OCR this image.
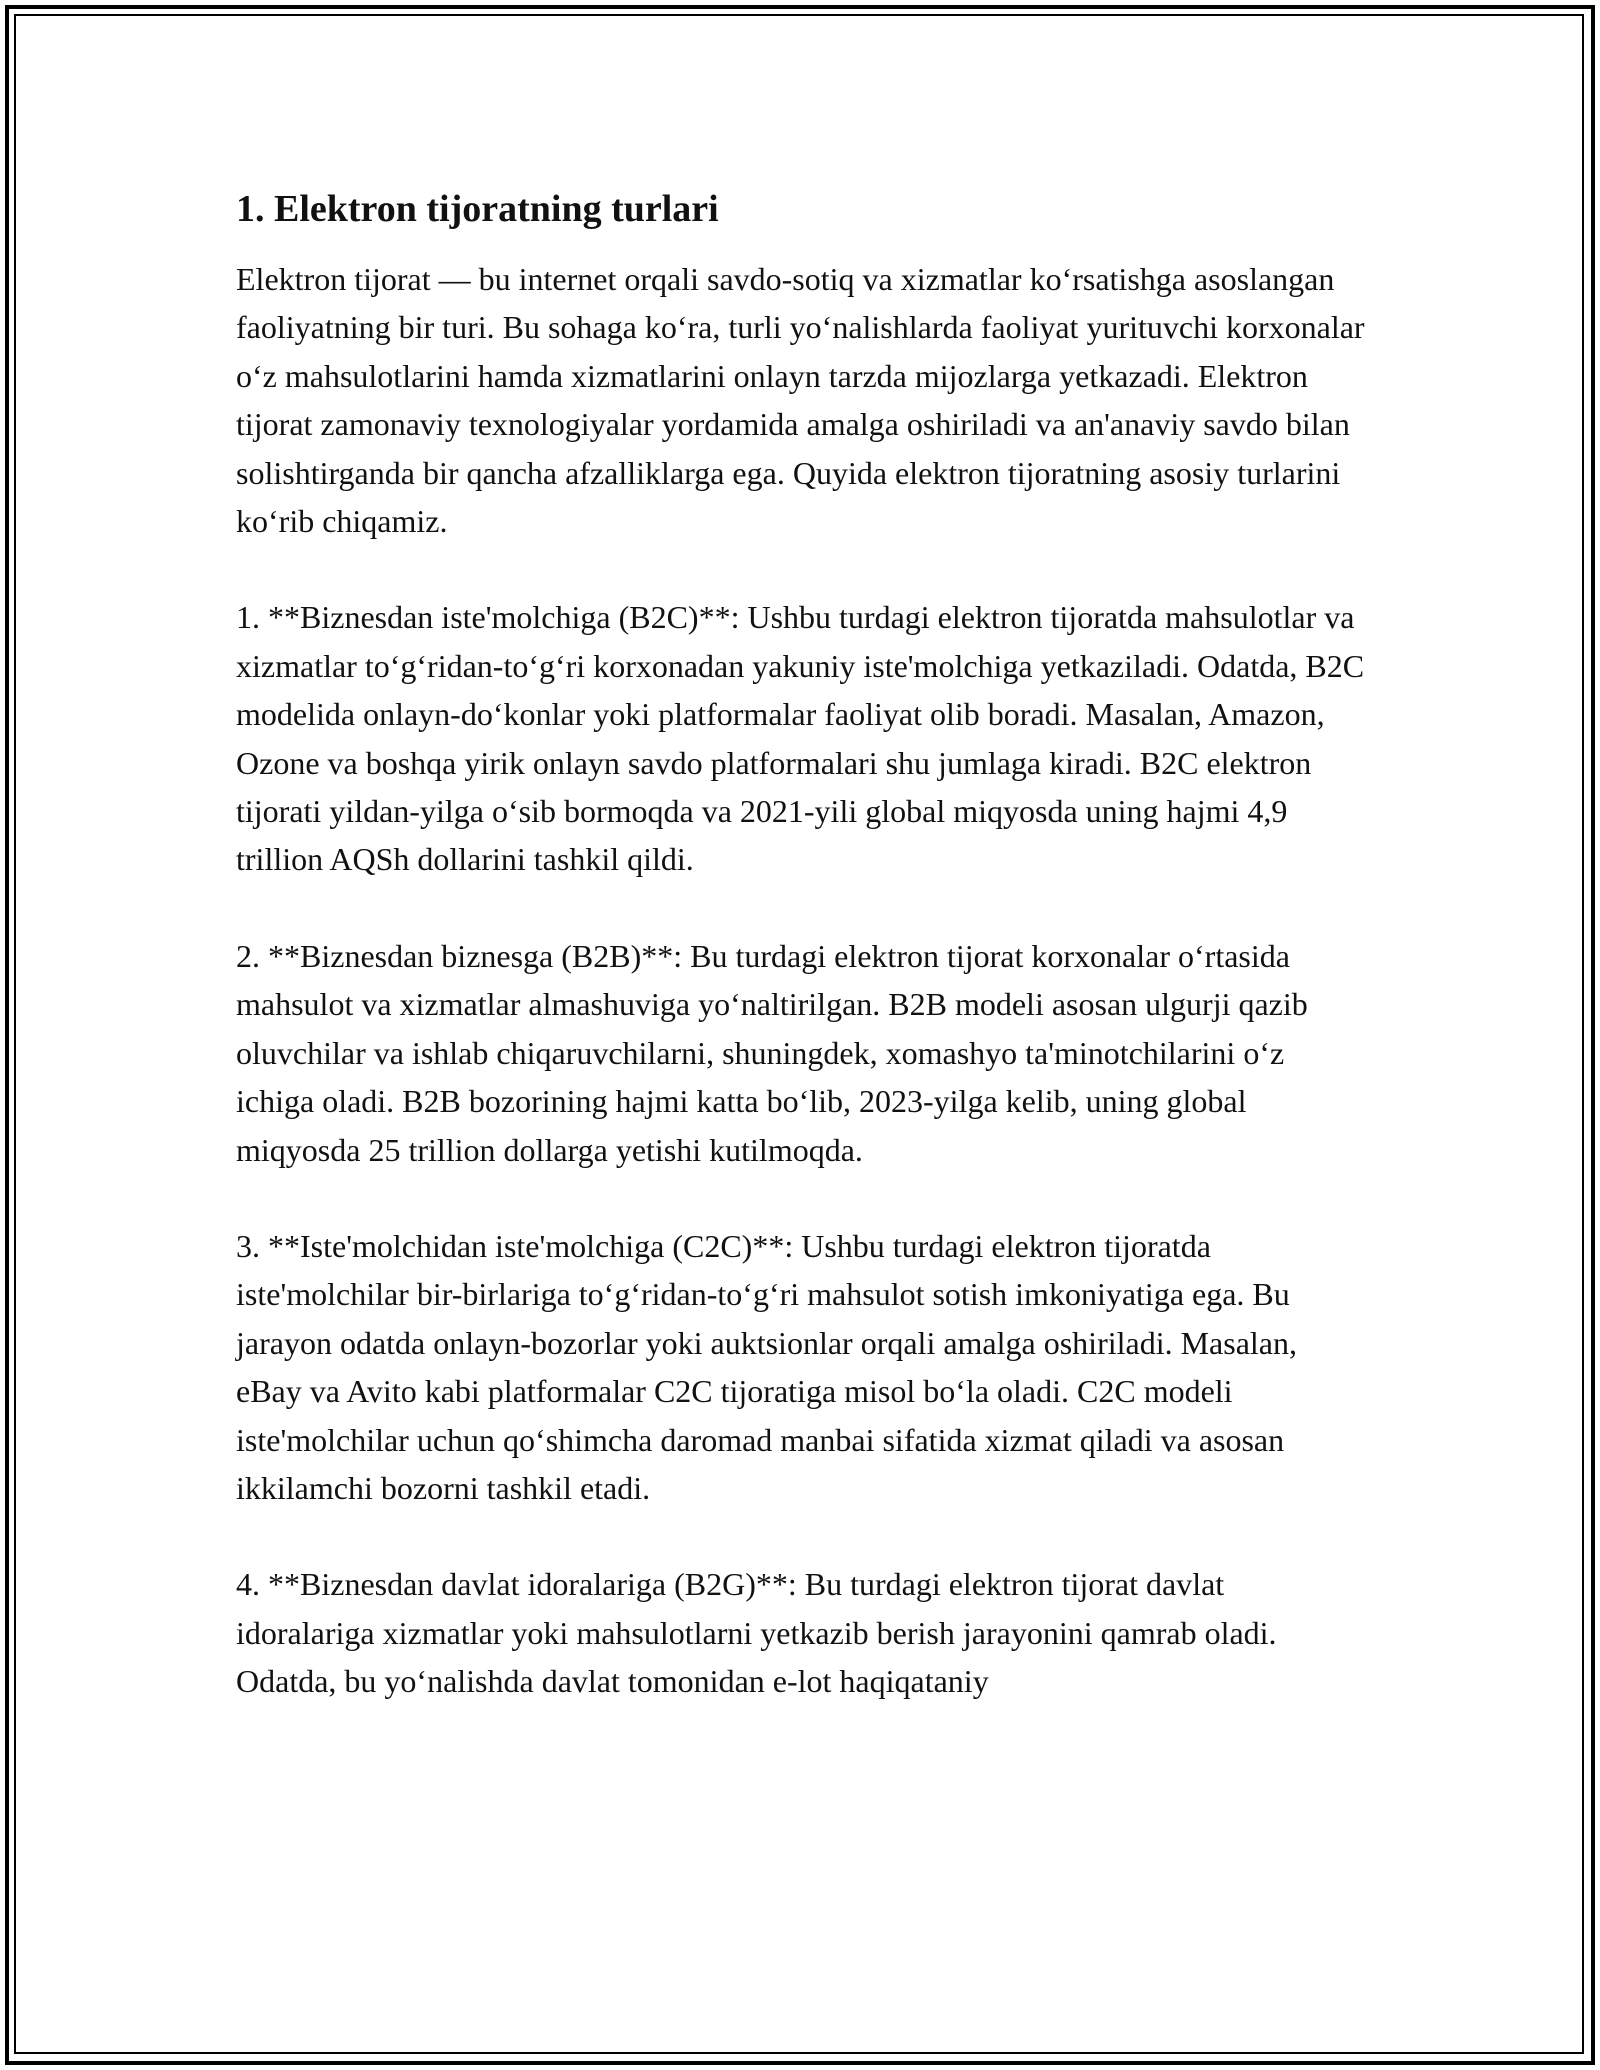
1. Elektron tijoratning turlari

Elektron tijorat — bu internet orqali savdo-sotiq va xizmatlar koʻrsatishga asoslangan faoliyatning bir turi. Bu sohaga koʻra, turli yoʻnalishlarda faoliyat yurituvchi korxonalar oʻz mahsulotlarini hamda xizmatlarini onlayn tarzda mijozlarga yetkazadi. Elektron tijorat zamonaviy texnologiyalar yordamida amalga oshiriladi va an'anaviy savdo bilan solishtirganda bir qancha afzalliklarga ega. Quyida elektron tijoratning asosiy turlarini koʻrib chiqamiz.

1. **Biznesdan iste'molchiga (B2C)**: Ushbu turdagi elektron tijoratda mahsulotlar va xizmatlar toʻgʻridan-toʻgʻri korxonadan yakuniy iste'molchiga yetkaziladi. Odatda, B2C modelida onlayn-doʻkonlar yoki platformalar faoliyat olib boradi. Masalan, Amazon, Ozone va boshqa yirik onlayn savdo platformalari shu jumlaga kiradi. B2C elektron tijorati yildan-yilga oʻsib bormoqda va 2021-yili global miqyosda uning hajmi 4,9 trillion AQSh dollarini tashkil qildi.

2. **Biznesdan biznesga (B2B)**: Bu turdagi elektron tijorat korxonalar oʻrtasida mahsulot va xizmatlar almashuviga yoʻnaltirilgan. B2B modeli asosan ulgurji qazib oluvchilar va ishlab chiqaruvchilarni, shuningdek, xomashyo ta'minotchilarini oʻz ichiga oladi. B2B bozorining hajmi katta boʻlib, 2023-yilga kelib, uning global miqyosda 25 trillion dollarga yetishi kutilmoqda.

3. **Iste'molchidan iste'molchiga (C2C)**: Ushbu turdagi elektron tijoratda iste'molchilar bir-birlariga toʻgʻridan-toʻgʻri mahsulot sotish imkoniyatiga ega. Bu jarayon odatda onlayn-bozorlar yoki auktsionlar orqali amalga oshiriladi. Masalan, eBay va Avito kabi platformalar C2C tijoratiga misol boʻla oladi. C2C modeli iste'molchilar uchun qoʻshimcha daromad manbai sifatida xizmat qiladi va asosan ikkilamchi bozorni tashkil etadi.

4. **Biznesdan davlat idoralariga (B2G)**: Bu turdagi elektron tijorat davlat idoralariga xizmatlar yoki mahsulotlarni yetkazib berish jarayonini qamrab oladi. Odatda, bu yoʻnalishda davlat tomonidan e-lot haqiqataniy
